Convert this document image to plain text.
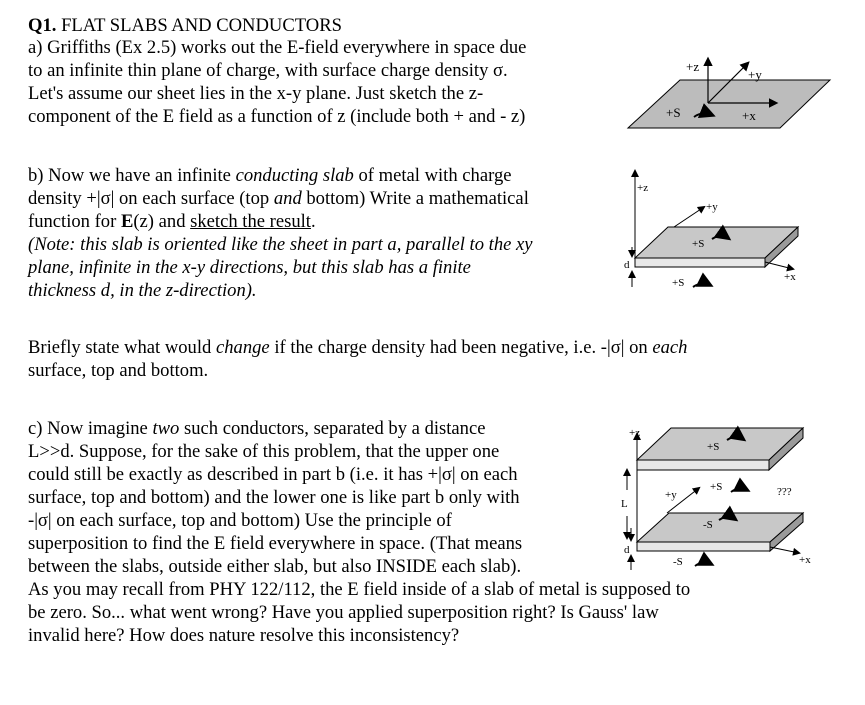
Q1. FLAT SLABS AND CONDUCTORS
a) Griffiths (Ex 2.5) works out the E-field everywhere in space due
to an infinite thin plane of charge, with surface charge density σ.
Let's assume our sheet lies in the x-y plane. Just sketch the z-
component of the E field as a function of z (include both + and - z)
b) Now we have an infinite conducting slab of metal with charge
density +|σ| on each surface (top and bottom) Write a mathematical
function for E(z) and sketch the result.
(Note: this slab is oriented like the sheet in part a, parallel to the xy
plane, infinite in the x-y directions, but this slab has a finite
thickness d, in the z-direction).
Briefly state what would change if the charge density had been negative, i.e. -|σ| on each
surface, top and bottom.
c) Now imagine two such conductors, separated by a distance
L>>d. Suppose, for the sake of this problem, that the upper one
could still be exactly as described in part b (i.e. it has +|σ| on each
surface, top and bottom) and the lower one is like part b only with
-|σ| on each surface, top and bottom) Use the principle of
superposition to find the E field everywhere in space. (That means
between the slabs, outside either slab, but also INSIDE each slab).
As you may recall from PHY 122/112, the E field inside of a slab of metal is supposed to
be zero. So... what went wrong? Have you applied superposition right? Is Gauss' law
invalid here? How does nature resolve this inconsistency?
+z
+y
+x
+S
+z
+y
+x
+S
+S
d
+S
+S	???
+z
+y
-S
+x
-S
L
d
